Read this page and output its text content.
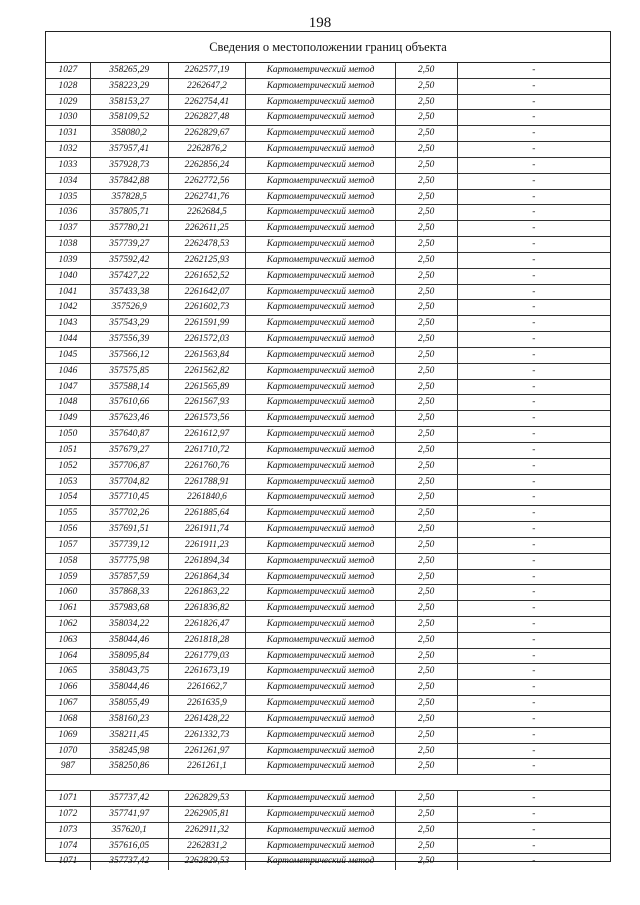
198
Сведения о местоположении границ объекта
1027	358265,29	2262577,19	Картометрический метод	2,50	-
1028	358223,29	2262647,2	Картометрический метод	2,50	-
1029	358153,27	2262754,41	Картометрический метод	2,50	-
1030	358109,52	2262827,48	Картометрический метод	2,50	-
1031	358080,2	2262829,67	Картометрический метод	2,50	-
1032	357957,41	2262876,2	Картометрический метод	2,50	-
1033	357928,73	2262856,24	Картометрический метод	2,50	-
1034	357842,88	2262772,56	Картометрический метод	2,50	-
1035	357828,5	2262741,76	Картометрический метод	2,50	-
1036	357805,71	2262684,5	Картометрический метод	2,50	-
1037	357780,21	2262611,25	Картометрический метод	2,50	-
1038	357739,27	2262478,53	Картометрический метод	2,50	-
1039	357592,42	2262125,93	Картометрический метод	2,50	-
1040	357427,22	2261652,52	Картометрический метод	2,50	-
1041	357433,38	2261642,07	Картометрический метод	2,50	-
1042	357526,9	2261602,73	Картометрический метод	2,50	-
1043	357543,29	2261591,99	Картометрический метод	2,50	-
1044	357556,39	2261572,03	Картометрический метод	2,50	-
1045	357566,12	2261563,84	Картометрический метод	2,50	-
1046	357575,85	2261562,82	Картометрический метод	2,50	-
1047	357588,14	2261565,89	Картометрический метод	2,50	-
1048	357610,66	2261567,93	Картометрический метод	2,50	-
1049	357623,46	2261573,56	Картометрический метод	2,50	-
1050	357640,87	2261612,97	Картометрический метод	2,50	-
1051	357679,27	2261710,72	Картометрический метод	2,50	-
1052	357706,87	2261760,76	Картометрический метод	2,50	-
1053	357704,82	2261788,91	Картометрический метод	2,50	-
1054	357710,45	2261840,6	Картометрический метод	2,50	-
1055	357702,26	2261885,64	Картометрический метод	2,50	-
1056	357691,51	2261911,74	Картометрический метод	2,50	-
1057	357739,12	2261911,23	Картометрический метод	2,50	-
1058	357775,98	2261894,34	Картометрический метод	2,50	-
1059	357857,59	2261864,34	Картометрический метод	2,50	-
1060	357868,33	2261863,22	Картометрический метод	2,50	-
1061	357983,68	2261836,82	Картометрический метод	2,50	-
1062	358034,22	2261826,47	Картометрический метод	2,50	-
1063	358044,46	2261818,28	Картометрический метод	2,50	-
1064	358095,84	2261779,03	Картометрический метод	2,50	-
1065	358043,75	2261673,19	Картометрический метод	2,50	-
1066	358044,46	2261662,7	Картометрический метод	2,50	-
1067	358055,49	2261635,9	Картометрический метод	2,50	-
1068	358160,23	2261428,22	Картометрический метод	2,50	-
1069	358211,45	2261332,73	Картометрический метод	2,50	-
1070	358245,98	2261261,97	Картометрический метод	2,50	-
987	358250,86	2261261,1	Картометрический метод	2,50	-
1071	357737,42	2262829,53	Картометрический метод	2,50	-
1072	357741,97	2262905,81	Картометрический метод	2,50	-
1073	357620,1	2262911,32	Картометрический метод	2,50	-
1074	357616,05	2262831,2	Картометрический метод	2,50	-
1071	357737,42	2262829,53	Картометрический метод	2,50	-
